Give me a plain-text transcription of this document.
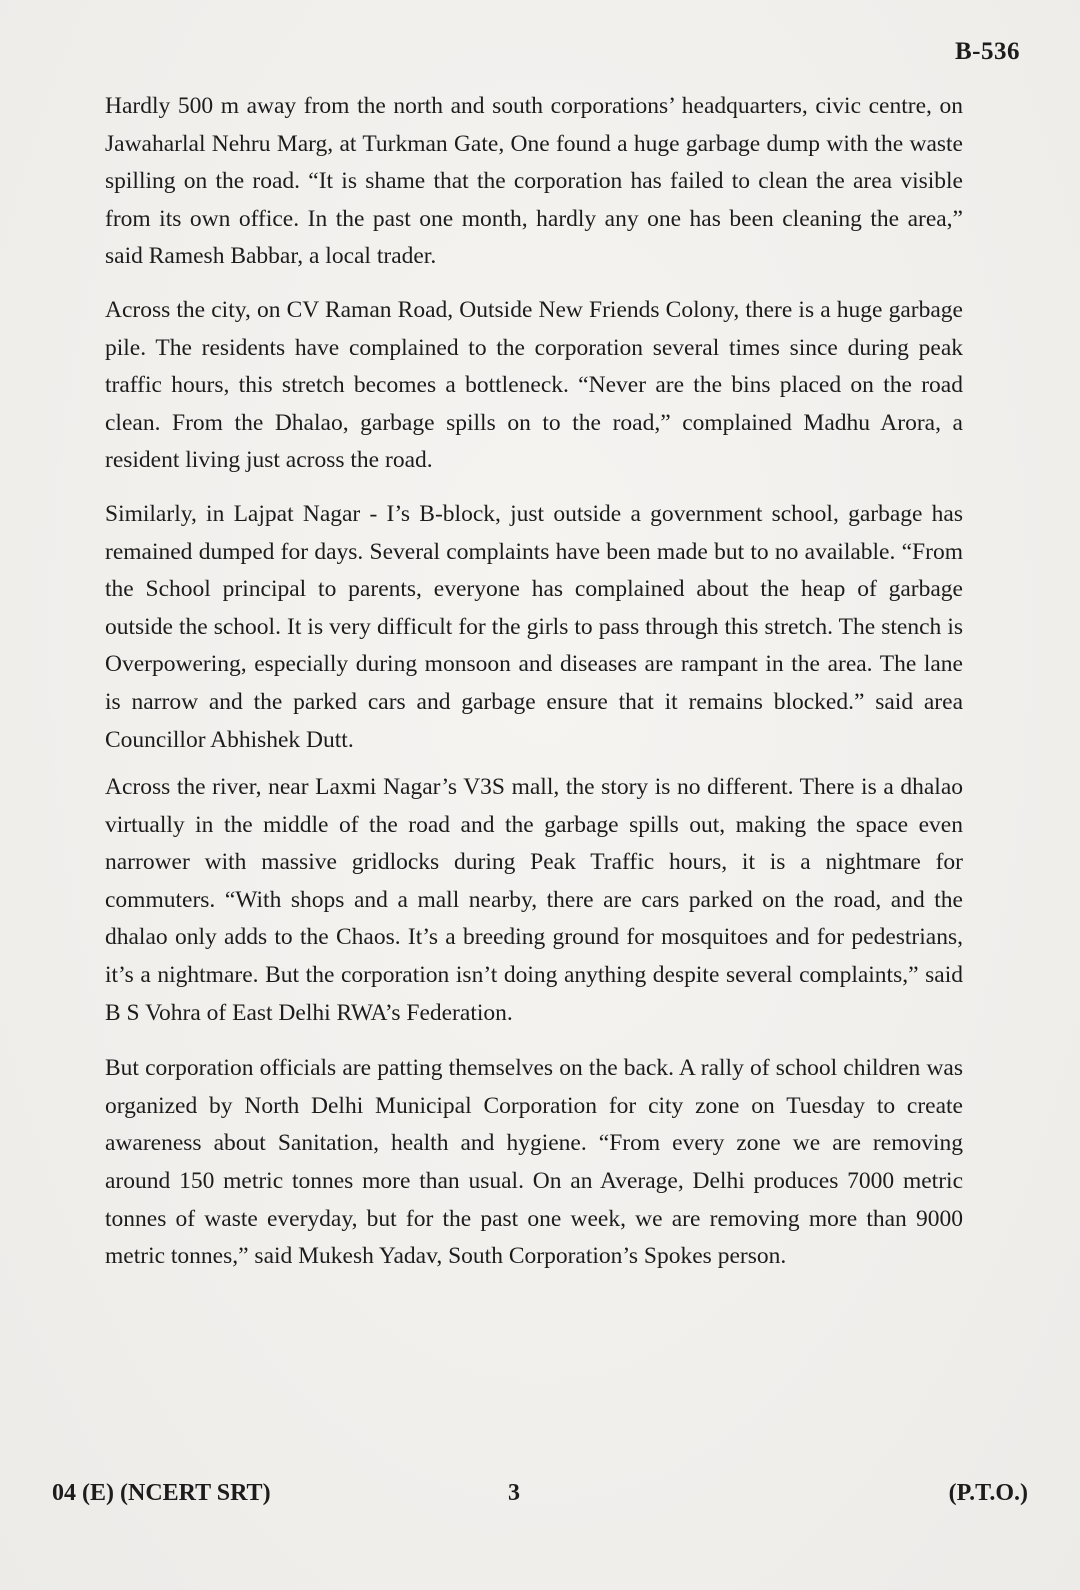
B-536

Hardly 500 m away from the north and south corporations’ headquarters, civic centre, on Jawaharlal Nehru Marg, at Turkman Gate, One found a huge garbage dump with the waste spilling on the road. “It is shame that the corporation has failed to clean the area visible from its own office. In the past one month, hardly any one has been cleaning the area,” said Ramesh Babbar, a local trader.

Across the city, on CV Raman Road, Outside New Friends Colony, there is a huge garbage pile. The residents have complained to the corporation several times since during peak traffic hours, this stretch becomes a bottleneck. “Never are the bins placed on the road clean. From the Dhalao, garbage spills on to the road,” complained Madhu Arora, a resident living just across the road.

Similarly, in Lajpat Nagar - I’s B-block, just outside a government school, garbage has remained dumped for days. Several complaints have been made but to no available. “From the School principal to parents, everyone has complained about the heap of garbage outside the school. It is very difficult for the girls to pass through this stretch. The stench is Overpowering, especially during monsoon and diseases are rampant in the area. The lane is narrow and the parked cars and garbage ensure that it remains blocked.” said area Councillor Abhishek Dutt.

Across the river, near Laxmi Nagar’s V3S mall, the story is no different. There is a dhalao virtually in the middle of the road and the garbage spills out, making the space even narrower with massive gridlocks during Peak Traffic hours, it is a nightmare for commuters. “With shops and a mall nearby, there are cars parked on the road, and the dhalao only adds to the Chaos. It’s a breeding ground for mosquitoes and for pedestrians, it’s a nightmare. But the corporation isn’t doing anything despite several complaints,” said B S Vohra of East Delhi RWA’s Federation.

But corporation officials are patting themselves on the back. A rally of school children was organized by North Delhi Municipal Corporation for city zone on Tuesday to create awareness about Sanitation, health and hygiene. “From every zone we are removing around 150 metric tonnes more than usual. On an Average, Delhi produces 7000 metric tonnes of waste everyday, but for the past one week, we are removing more than 9000 metric tonnes,” said Mukesh Yadav, South Corporation’s Spokes person.

04 (E) (NCERT SRT)	3	(P.T.O.)
